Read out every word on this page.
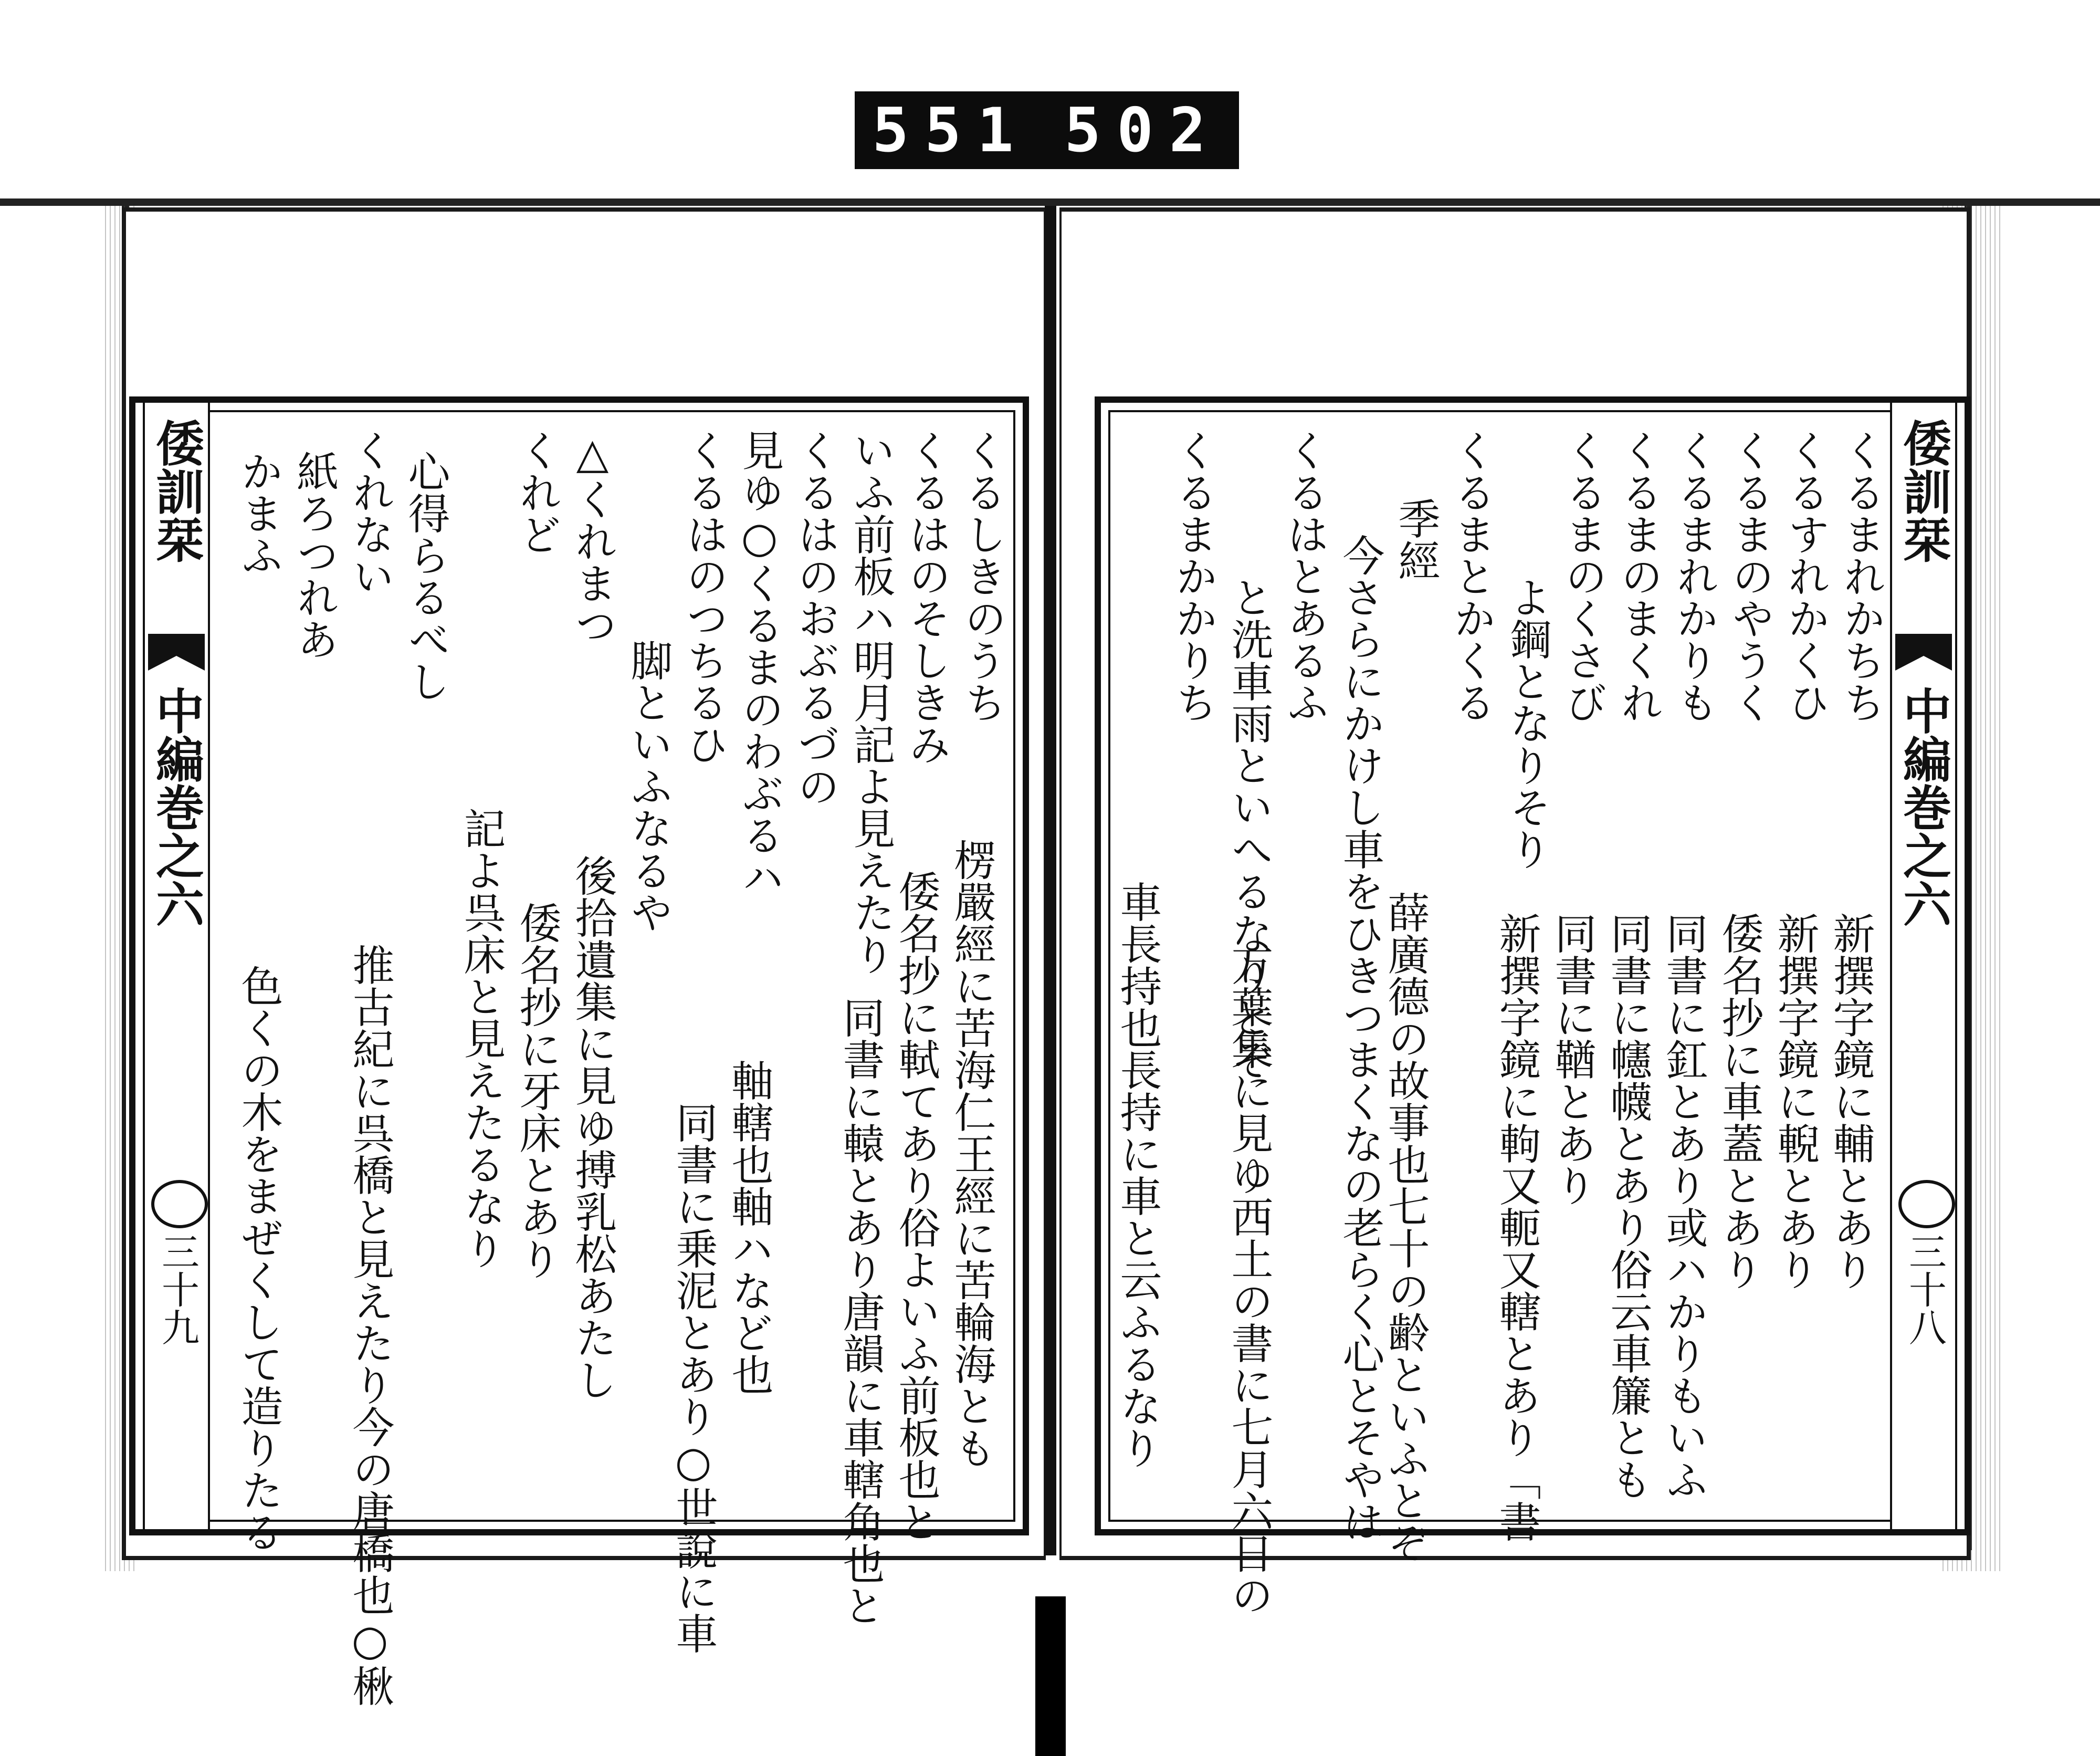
551 502
倭訓栞
中編巻之六
三十九
くるしきのうち
くるはのそしきみ
いふ前板ハ明月記よ見えたり
くるはのおぶるづの
見ゆ○くるまのわぶるハ
くるはのつちるひ
脚といふなるや
△くれまつ
くれど
記よ呉床と見えたるなり
心得らるべし
くれない
紙ろつれあ
かまふ
楞嚴經に苦海仁王經に苦輪海とも
倭名抄に軾てあり俗よいふ前板也と
同書に轅とあり唐韻に車轄角也と
軸轄也軸ハなど也
同書に乗泥とあり○世說に車
後拾遺集に見ゆ搏乳松あたし
倭名抄に牙床とあり
推古紀に呉橋と見えたり今の唐橋也○楸
色くの木をまぜくして造りたる
倭訓栞
中編巻之六
三十八
くるまれかちち
くるすれかくひ
くるまのやうく
くるまれかりも
くるまのまくれ
くるまのくさび
よ鋼となりそり
くるまとかくる
季經
今さらにかけし車をひきつまくなの老らく心とそやは
くるはとあるふ
と洗車雨といへるなりとぞ
くるまかかりち
新撰字鏡に輔とあり
新撰字鏡に輗とあり
倭名抄に車蓋とあり
同書に釭とあり或ハかりもいふ
同書に幰幭とあり俗云車簾とも
同書に鞧とあり
新撰字鏡に軥又軛又轄とあり「書
薛廣德の故事也七十の齢といふとぞ
万葉集に見ゆ西土の書に七月六日の
車長持也長持に車と云ふるなり
